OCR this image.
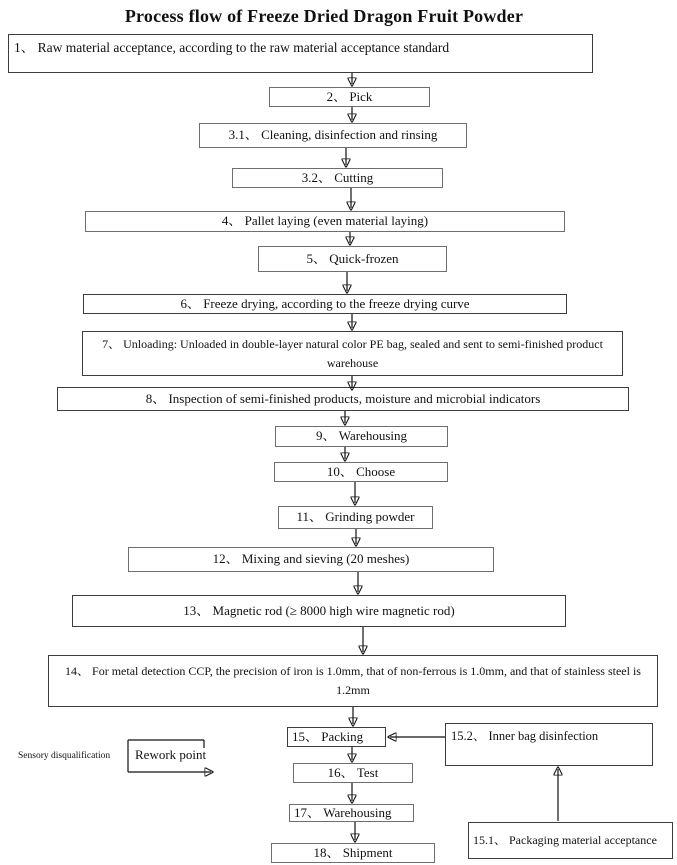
Process flow of Freeze Dried Dragon Fruit Powder
1、 Raw material acceptance, according to the raw material acceptance standard
2、 Pick
3.1、 Cleaning, disinfection and rinsing
3.2、 Cutting
4、 Pallet laying (even material laying)
5、 Quick-frozen
6、 Freeze drying, according to the freeze drying curve
7、 Unloading: Unloaded in double-layer natural color PE bag, sealed and sent to semi-finished product
warehouse
8、 Inspection of semi-finished products, moisture and microbial indicators
9、 Warehousing
10、 Choose
11、 Grinding powder
12、 Mixing and sieving (20 meshes)
13、 Magnetic rod (≥ 8000 high wire magnetic rod)
14、 For metal detection CCP, the precision of iron is 1.0mm, that of non-ferrous is 1.0mm, and that of stainless steel is
1.2mm
15、 Packing	15.2、 Inner bag disinfection
16、 Test
17、 Warehousing
18、 Shipment
15.1、 Packaging material acceptance
Sensory disqualification Rework point
